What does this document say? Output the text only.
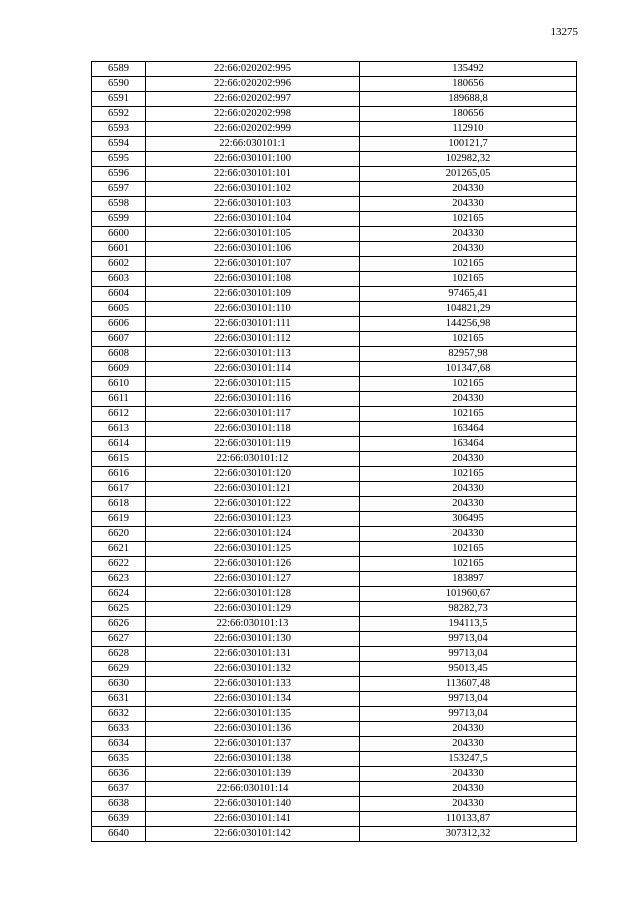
13275
6589	22:66:020202:995	135492
6590	22:66:020202:996	180656
6591	22:66:020202:997	189688,8
6592	22:66:020202:998	180656
6593	22:66:020202:999	112910
6594	22:66:030101:1	100121,7
6595	22:66:030101:100	102982,32
6596	22:66:030101:101	201265,05
6597	22:66:030101:102	204330
6598	22:66:030101:103	204330
6599	22:66:030101:104	102165
6600	22:66:030101:105	204330
6601	22:66:030101:106	204330
6602	22:66:030101:107	102165
6603	22:66:030101:108	102165
6604	22:66:030101:109	97465,41
6605	22:66:030101:110	104821,29
6606	22:66:030101:111	144256,98
6607	22:66:030101:112	102165
6608	22:66:030101:113	82957,98
6609	22:66:030101:114	101347,68
6610	22:66:030101:115	102165
6611	22:66:030101:116	204330
6612	22:66:030101:117	102165
6613	22:66:030101:118	163464
6614	22:66:030101:119	163464
6615	22:66:030101:12	204330
6616	22:66:030101:120	102165
6617	22:66:030101:121	204330
6618	22:66:030101:122	204330
6619	22:66:030101:123	306495
6620	22:66:030101:124	204330
6621	22:66:030101:125	102165
6622	22:66:030101:126	102165
6623	22:66:030101:127	183897
6624	22:66:030101:128	101960,67
6625	22:66:030101:129	98282,73
6626	22:66:030101:13	194113,5
6627	22:66:030101:130	99713,04
6628	22:66:030101:131	99713,04
6629	22:66:030101:132	95013,45
6630	22:66:030101:133	113607,48
6631	22:66:030101:134	99713,04
6632	22:66:030101:135	99713,04
6633	22:66:030101:136	204330
6634	22:66:030101:137	204330
6635	22:66:030101:138	153247,5
6636	22:66:030101:139	204330
6637	22:66:030101:14	204330
6638	22:66:030101:140	204330
6639	22:66:030101:141	110133,87
6640	22:66:030101:142	307312,32
